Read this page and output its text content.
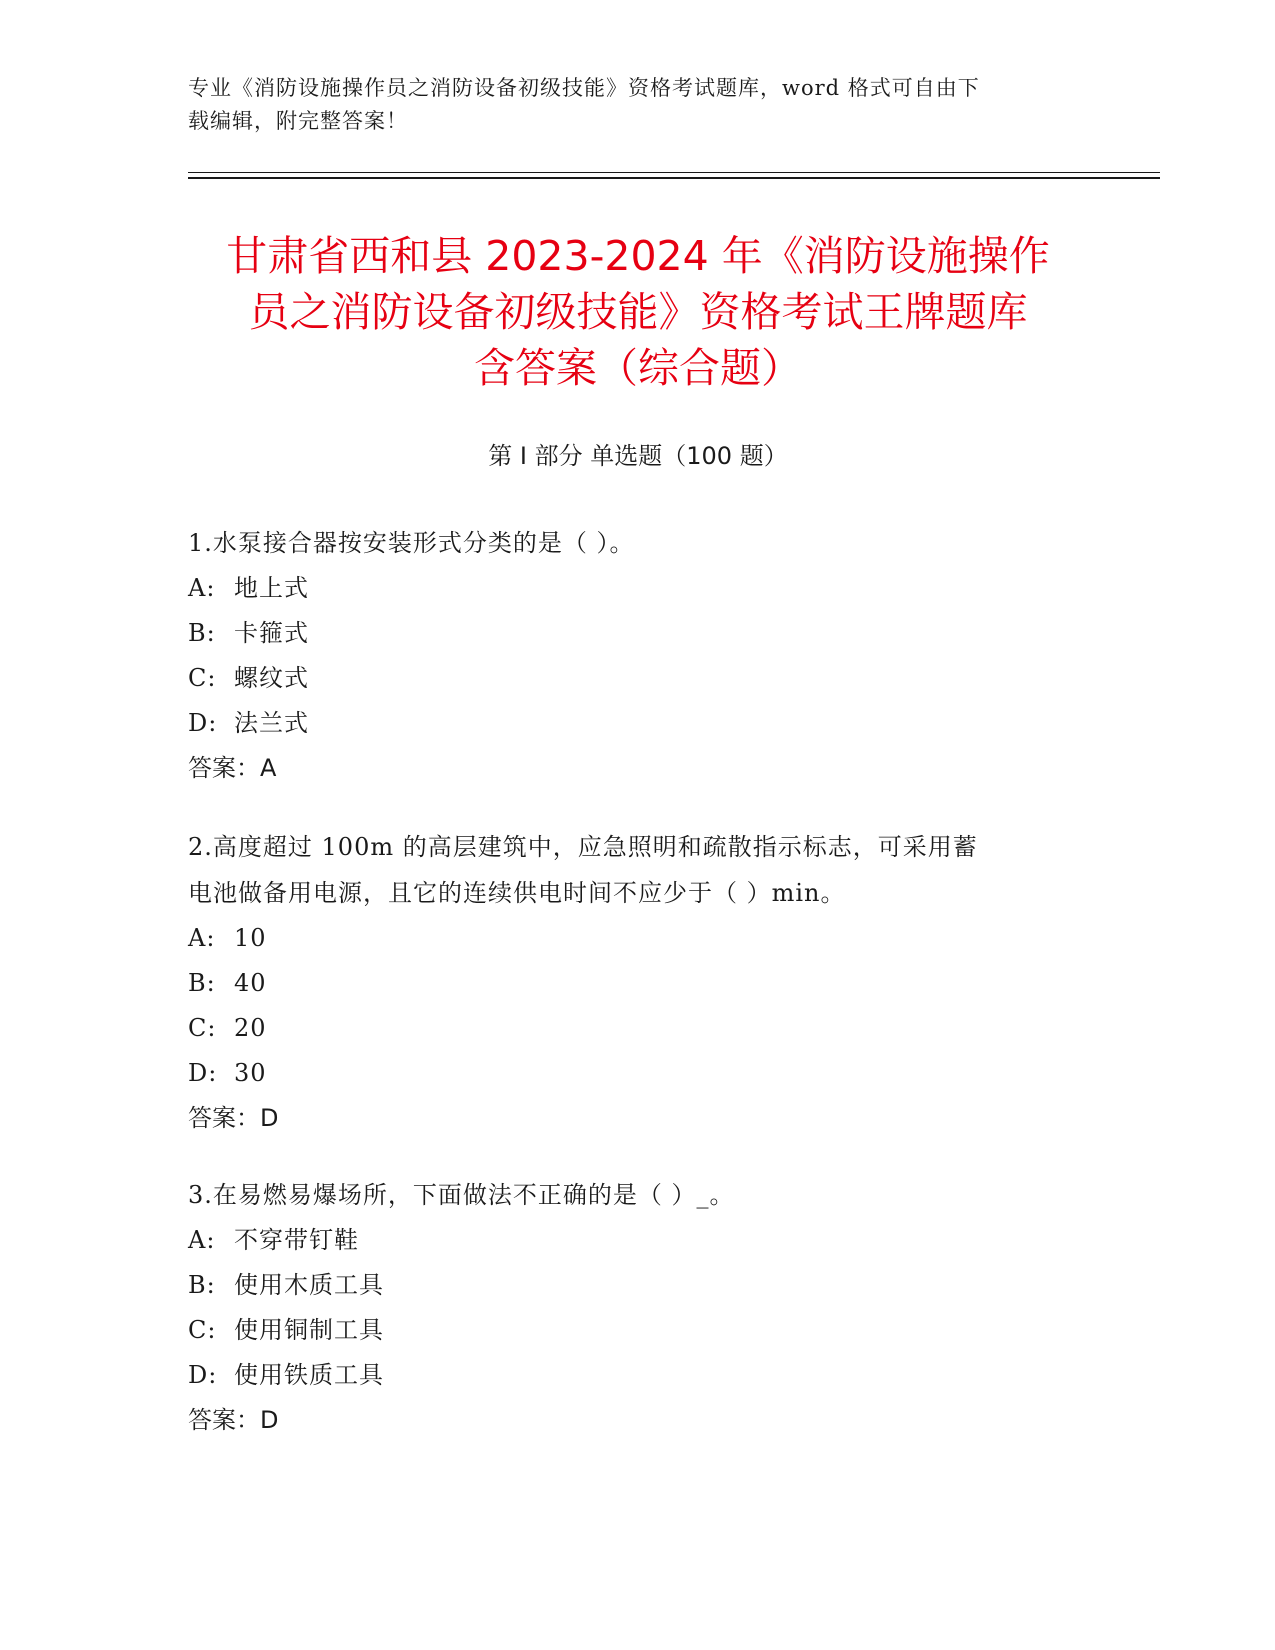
专业《消防设施操作员之消防设备初级技能》资格考试题库，word 格式可自由下
载编辑，附完整答案！
甘肃省西和县 2023-2024 年《消防设施操作
员之消防设备初级技能》资格考试王牌题库
含答案（综合题）
第 I 部分 单选题（100 题）
1.水泵接合器按安装形式分类的是（ ）。
A: 地上式
B: 卡箍式
C: 螺纹式
D: 法兰式
答案：A
2.高度超过 100m 的高层建筑中，应急照明和疏散指示标志，可采用蓄
电池做备用电源，且它的连续供电时间不应少于（ ）min。
A: 10
B: 40
C: 20
D: 30
答案：D
3.在易燃易爆场所，下面做法不正确的是（ ）_。
A: 不穿带钉鞋
B: 使用木质工具
C: 使用铜制工具
D: 使用铁质工具
答案：D
